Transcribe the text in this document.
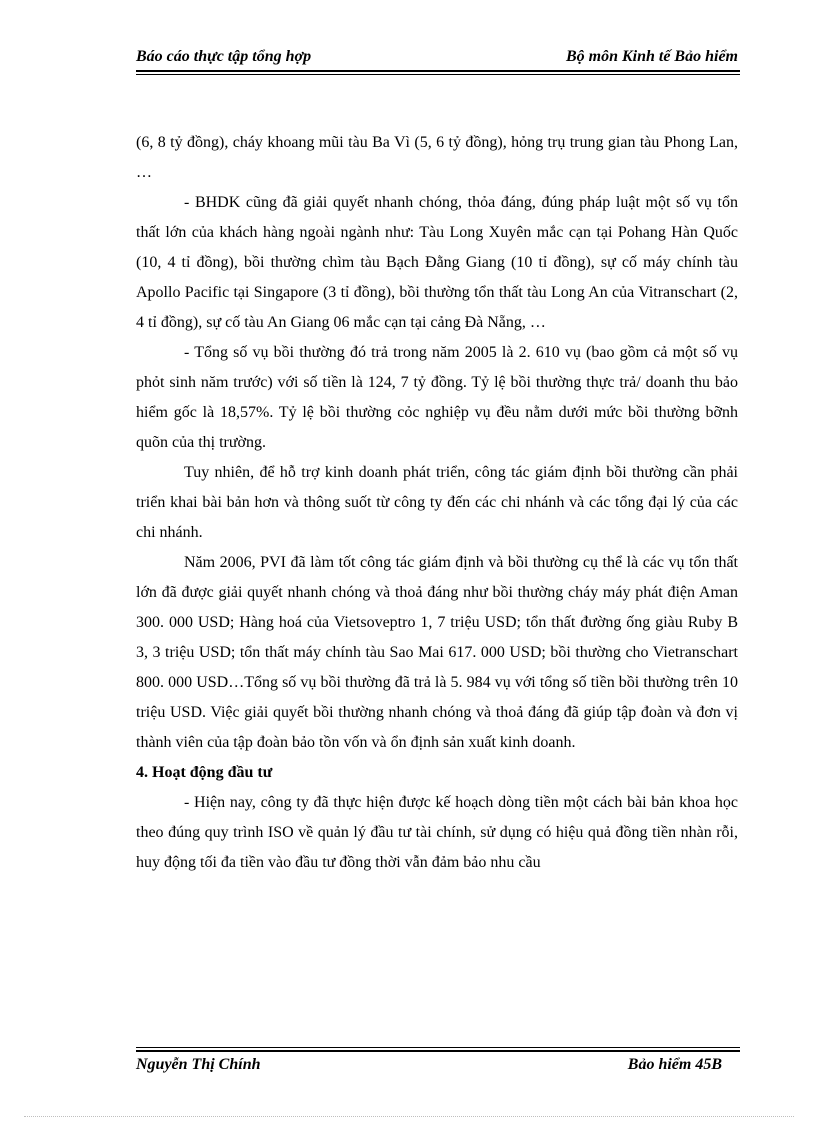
Báo cáo thực tập tổng hợp	Bộ môn Kinh tế Bảo hiểm

(6, 8 tỷ đồng), cháy khoang mũi tàu Ba Vì (5, 6 tỷ đồng), hỏng trụ trung gian tàu Phong Lan, …

- BHDK cũng đã giải quyết nhanh chóng, thỏa đáng, đúng pháp luật một số vụ tổn thất lớn của khách hàng ngoài ngành như: Tàu Long Xuyên mắc cạn tại Pohang Hàn Quốc (10, 4 tỉ đồng), bồi thường chìm tàu Bạch Đằng Giang (10 tỉ đồng), sự cố máy chính tàu Apollo Pacific tại Singapore (3 tỉ đồng), bồi thường tổn thất tàu Long An của Vitranschart (2, 4 tỉ đồng), sự cố tàu An Giang 06 mắc cạn tại cảng Đà Nẵng, …

- Tổng số vụ bồi thường đó trả trong năm 2005 là 2. 610 vụ (bao gồm cả một số vụ phỏt sinh năm trước) với số tiền là 124, 7 tỷ đồng. Tỷ lệ bồi thường thực trả/ doanh thu bảo hiểm gốc là 18,57%. Tỷ lệ bồi thường cỏc nghiệp vụ đều nằm dưới mức bồi thường bỡnh quõn của thị trường.

Tuy nhiên, để hỗ trợ kinh doanh phát triển, công tác giám định bồi thường cần phải triển khai bài bản hơn và thông suốt từ công ty đến các chi nhánh và các tổng đại lý của các chi nhánh.

Năm 2006, PVI đã làm tốt công tác giám định và bồi thường cụ thể là các vụ tổn thất lớn đã được giải quyết nhanh chóng và thoả đáng như bồi thường cháy máy phát điện Aman 300. 000 USD; Hàng hoá của Vietsoveptro 1, 7 triệu USD; tổn thất đường ống giàu Ruby B 3, 3 triệu USD; tổn thất máy chính tàu Sao Mai 617. 000 USD; bồi thường cho Vietranschart 800. 000 USD…Tổng số vụ bồi thường đã trả là 5. 984 vụ với tổng số tiền bồi thường trên 10 triệu USD. Việc giải quyết bồi thường nhanh chóng và thoả đáng đã giúp tập đoàn và đơn vị thành viên của tập đoàn bảo tồn vốn và ổn định sản xuất kinh doanh.

4. Hoạt động đầu tư

- Hiện nay, công ty đã thực hiện được kế hoạch dòng tiền một cách bài bản khoa học theo đúng quy trình ISO về quản lý đầu tư tài chính, sử dụng có hiệu quả đồng tiền nhàn rỗi, huy động tối đa tiền vào đầu tư đồng thời vẫn đảm bảo nhu cầu

Nguyễn Thị Chính	Bảo hiểm 45B
